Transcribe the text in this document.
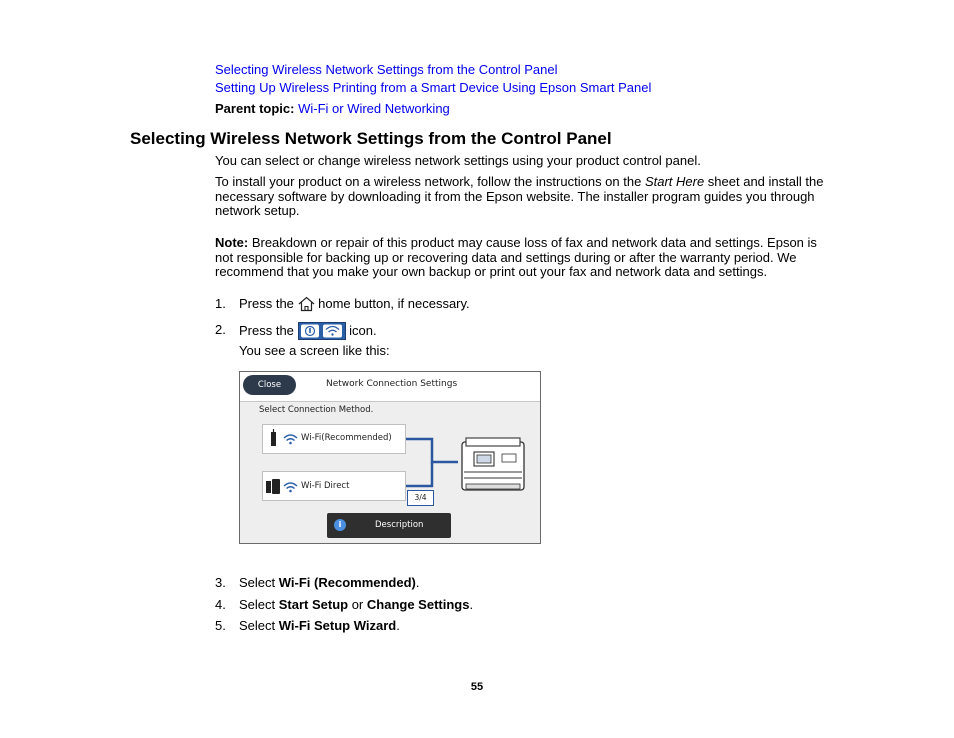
Selecting Wireless Network Settings from the Control Panel
Setting Up Wireless Printing from a Smart Device Using Epson Smart Panel
Parent topic: Wi-Fi or Wired Networking
Selecting Wireless Network Settings from the Control Panel
You can select or change wireless network settings using your product control panel.
To install your product on a wireless network, follow the instructions on the Start Here sheet and install the necessary software by downloading it from the Epson website. The installer program guides you through network setup.
Note: Breakdown or repair of this product may cause loss of fax and network data and settings. Epson is not responsible for backing up or recovering data and settings during or after the warranty period. We recommend that you make your own backup or print out your fax and network data and settings.
1. Press the  home button, if necessary.
2. Press the	icon.
You see a screen like this:
Close	Network Connection Settings
Select Connection Method.
Wi-Fi(Recommended)
Wi-Fi Direct
3/4
i	Description
3. Select Wi-Fi (Recommended).
4. Select Start Setup or Change Settings.
5. Select Wi-Fi Setup Wizard.
55
